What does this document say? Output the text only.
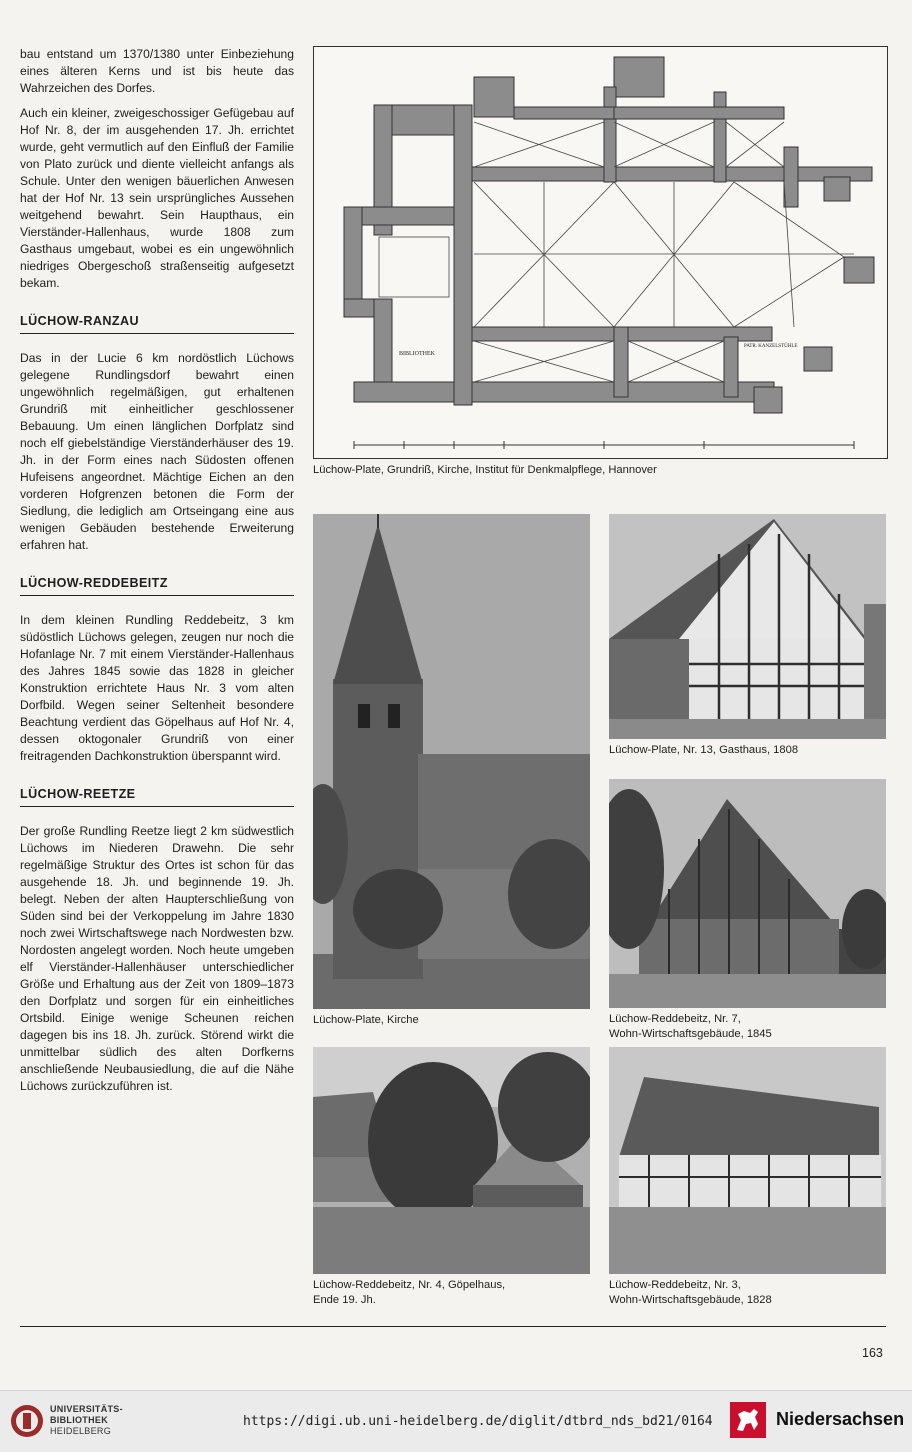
bau entstand um 1370/1380 unter Einbeziehung eines älteren Kerns und ist bis heute das Wahrzeichen des Dorfes.

Auch ein kleiner, zweigeschossiger Gefügebau auf Hof Nr. 8, der im ausgehenden 17. Jh. errichtet wurde, geht vermutlich auf den Einfluß der Familie von Plato zurück und diente vielleicht anfangs als Schule. Unter den wenigen bäuerlichen Anwesen hat der Hof Nr. 13 sein ursprüngliches Aussehen weitgehend bewahrt. Sein Haupthaus, ein Vierständer-Hallenhaus, wurde 1808 zum Gasthaus umgebaut, wobei es ein ungewöhnlich niedriges Obergeschoß straßenseitig aufgesetzt bekam.

LÜCHOW-RANZAU

Das in der Lucie 6 km nordöstlich Lüchows gelegene Rundlingsdorf bewahrt einen ungewöhnlich regelmäßigen, gut erhaltenen Grundriß mit einheitlicher geschlossener Bebauung. Um einen länglichen Dorfplatz sind noch elf giebelständige Vierständerhäuser des 19. Jh. in der Form eines nach Südosten offenen Hufeisens angeordnet. Mächtige Eichen an den vorderen Hofgrenzen betonen die Form der Siedlung, die lediglich am Ortseingang eine aus wenigen Gebäuden bestehende Erweiterung erfahren hat.

LÜCHOW-REDDEBEITZ

In dem kleinen Rundling Reddebeitz, 3 km südöstlich Lüchows gelegen, zeugen nur noch die Hofanlage Nr. 7 mit einem Vierständer-Hallenhaus des Jahres 1845 sowie das 1828 in gleicher Konstruktion errichtete Haus Nr. 3 vom alten Dorfbild. Wegen seiner Seltenheit besondere Beachtung verdient das Göpelhaus auf Hof Nr. 4, dessen oktogonaler Grundriß von einer freitragenden Dachkonstruktion überspannt wird.

LÜCHOW-REETZE

Der große Rundling Reetze liegt 2 km südwestlich Lüchows im Niederen Drawehn. Die sehr regelmäßige Struktur des Ortes ist schon für das ausgehende 18. Jh. und beginnende 19. Jh. belegt. Neben der alten Haupterschließung von Süden sind bei der Verkoppelung im Jahre 1830 noch zwei Wirtschaftswege nach Nordwesten bzw. Nordosten angelegt worden. Noch heute umgeben elf Vierständer-Hallenhäuser unterschiedlicher Größe und Erhaltung aus der Zeit von 1809–1873 den Dorfplatz und sorgen für ein einheitliches Ortsbild. Einige wenige Scheunen reichen dagegen bis ins 18. Jh. zurück. Störend wirkt die unmittelbar südlich des alten Dorfkerns anschließende Neubausiedlung, die auf die Nähe Lüchows zurückzuführen ist.

BIBLIOTHEK
PATR. KANZELSTÜHLE
Lüchow-Plate, Grundriß, Kirche, Institut für Denkmalpflege, Hannover
Lüchow-Plate, Kirche
Lüchow-Plate, Nr. 13, Gasthaus, 1808
Lüchow-Reddebeitz, Nr. 7,
Wohn-Wirtschaftsgebäude, 1845
Lüchow-Reddebeitz, Nr. 4, Göpelhaus,
Ende 19. Jh.
Lüchow-Reddebeitz, Nr. 3,
Wohn-Wirtschaftsgebäude, 1828
163
UNIVERSITÄTS-
BIBLIOTHEK
HEIDELBERG
https://digi.ub.uni-heidelberg.de/diglit/dtbrd_nds_bd21/0164	Niedersachsen
